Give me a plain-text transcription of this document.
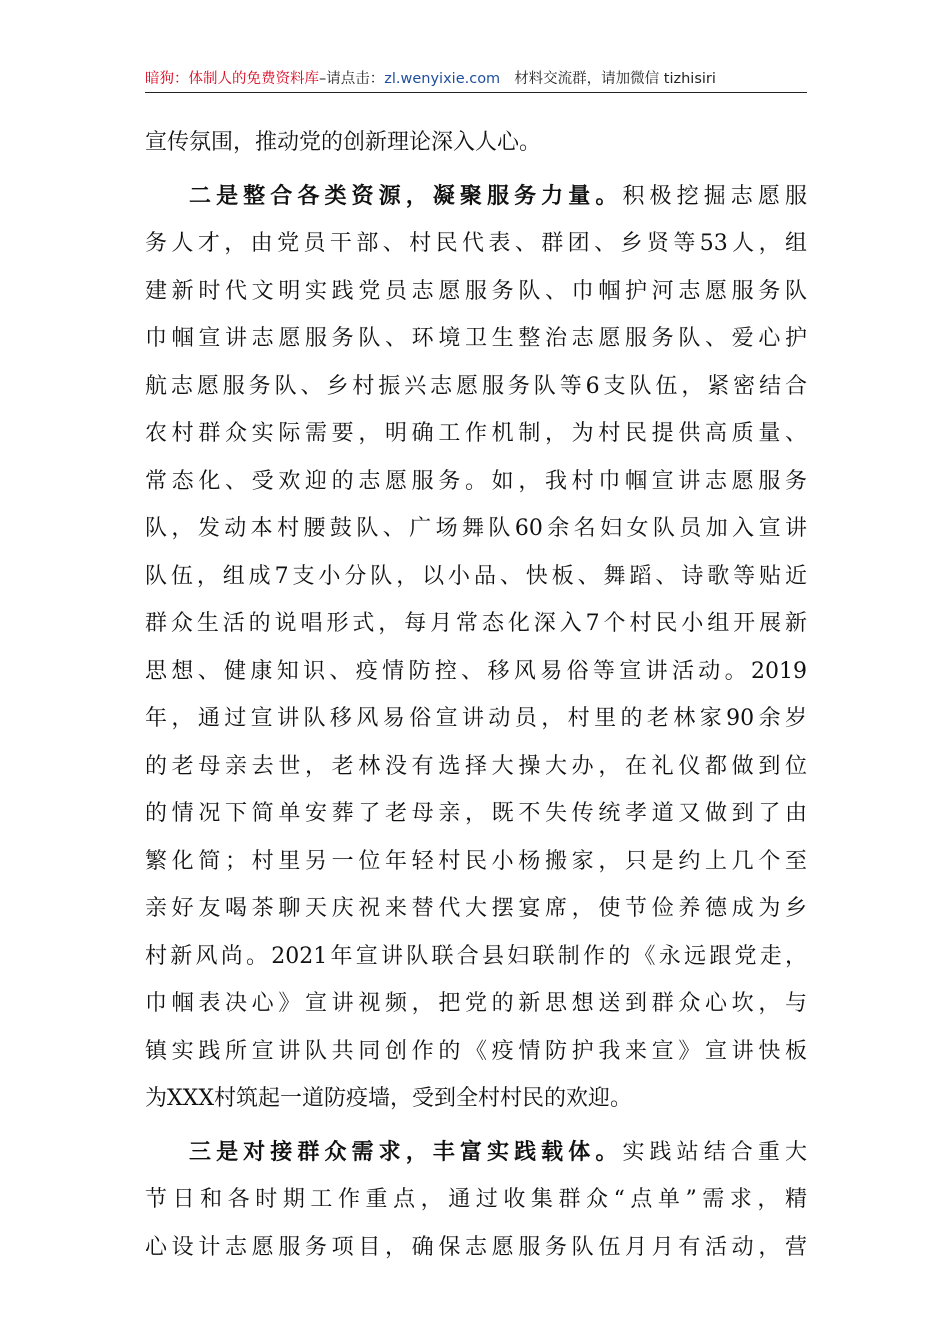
暗狗：体制人的免费资料库–请点击：zl.wenyixie.com 材料交流群，请加微信 tizhisiri
宣传氛围，推动党的创新理论深入人心。
二是整合各类资源，凝聚服务力量。积极挖掘志愿服
务人才，由党员干部、村民代表、群团、乡贤等53人，组
建新时代文明实践党员志愿服务队、巾帼护河志愿服务队
巾帼宣讲志愿服务队、环境卫生整治志愿服务队、爱心护
航志愿服务队、乡村振兴志愿服务队等6支队伍，紧密结合
农村群众实际需要，明确工作机制，为村民提供高质量、
常态化、受欢迎的志愿服务。如，我村巾帼宣讲志愿服务
队，发动本村腰鼓队、广场舞队60余名妇女队员加入宣讲
队伍，组成7支小分队，以小品、快板、舞蹈、诗歌等贴近
群众生活的说唱形式，每月常态化深入7个村民小组开展新
思想、健康知识、疫情防控、移风易俗等宣讲活动。2019
年，通过宣讲队移风易俗宣讲动员，村里的老林家90余岁
的老母亲去世，老林没有选择大操大办，在礼仪都做到位
的情况下简单安葬了老母亲，既不失传统孝道又做到了由
繁化简；村里另一位年轻村民小杨搬家，只是约上几个至
亲好友喝茶聊天庆祝来替代大摆宴席，使节俭养德成为乡
村新风尚。2021年宣讲队联合县妇联制作的《永远跟党走，
巾帼表决心》宣讲视频，把党的新思想送到群众心坎，与
镇实践所宣讲队共同创作的《疫情防护我来宣》宣讲快板
为XXX村筑起一道防疫墙，受到全村村民的欢迎。
三是对接群众需求，丰富实践载体。实践站结合重大
节日和各时期工作重点，通过收集群众“点单”需求，精
心设计志愿服务项目，确保志愿服务队伍月月有活动，营
